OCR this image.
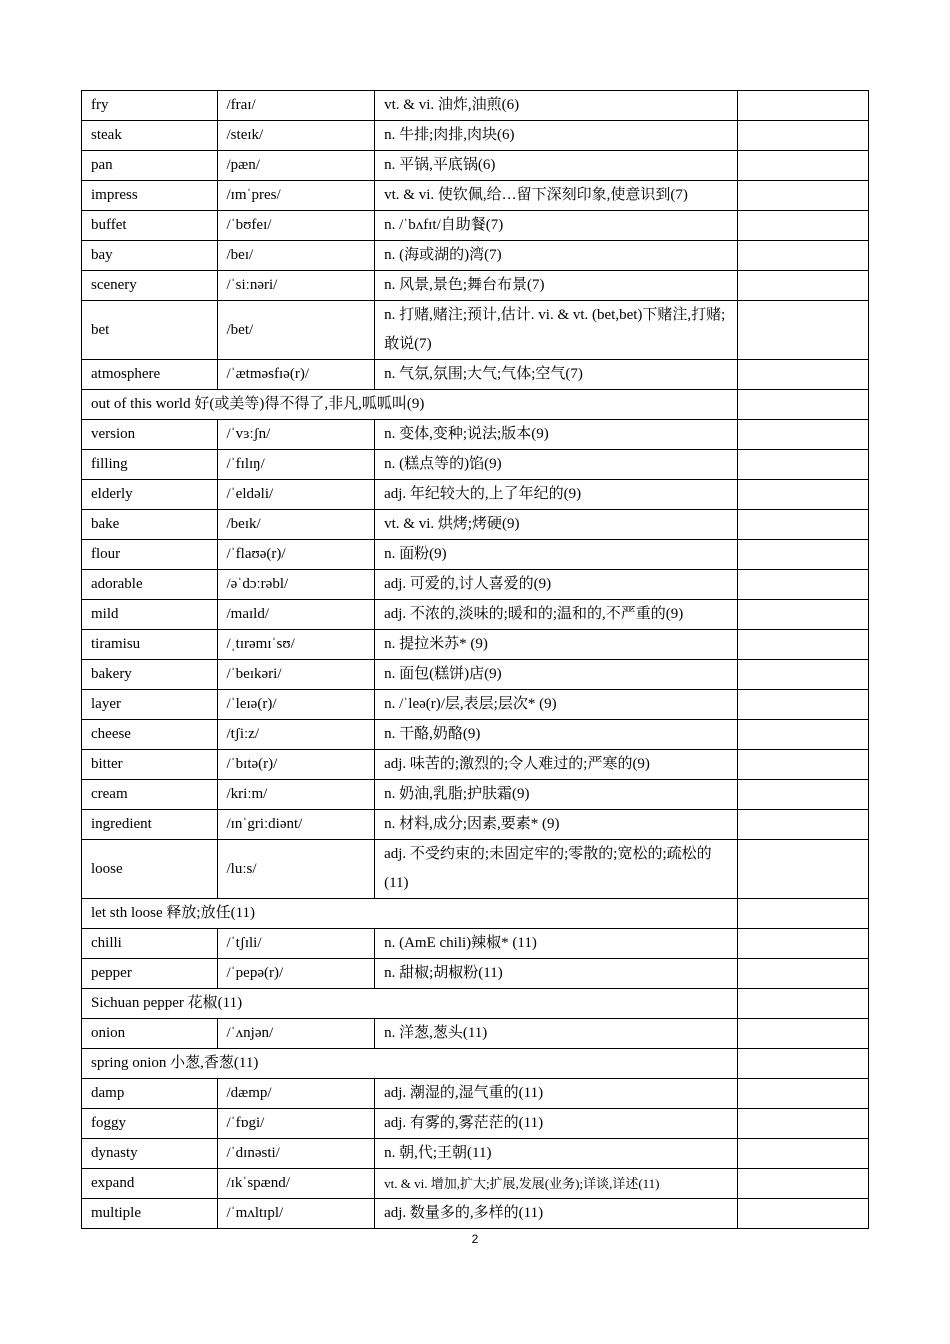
fry	/fraɪ/	vt. & vi. 油炸,油煎(6)	
steak	/steɪk/	n. 牛排;肉排,肉块(6)	
pan	/pæn/	n. 平锅,平底锅(6)	
impress	/ɪmˈpres/	vt. & vi. 使钦佩,给…留下深刻印象,使意识到(7)	
buffet	/ˈbʊfeɪ/	n. /ˈbʌfɪt/自助餐(7)	
bay	/beɪ/	n. (海或湖的)湾(7)	
scenery	/ˈsiːnəri/	n. 风景,景色;舞台布景(7)	
bet	/bet/	n. 打赌,赌注;预计,估计. vi. & vt. (bet,bet)下赌注,打赌;敢说(7)	
atmosphere	/ˈætməsfɪə(r)/	n. 气氛,氛围;大气;气体;空气(7)	
out of this world 好(或美等)得不得了,非凡,呱呱叫(9)			
version	/ˈvɜːʃn/	n. 变体,变种;说法;版本(9)	
filling	/ˈfɪlɪŋ/	n. (糕点等的)馅(9)	
elderly	/ˈeldəli/	adj. 年纪较大的,上了年纪的(9)	
bake	/beɪk/	vt. & vi. 烘烤;烤硬(9)	
flour	/ˈflaʊə(r)/	n. 面粉(9)	
adorable	/əˈdɔːrəbl/	adj. 可爱的,讨人喜爱的(9)	
mild	/maɪld/	adj. 不浓的,淡味的;暖和的;温和的,不严重的(9)	
tiramisu	/ˌtɪrəmɪˈsʊ/	n. 提拉米苏* (9)	
bakery	/ˈbeɪkəri/	n. 面包(糕饼)店(9)	
layer	/ˈleɪə(r)/	n. /ˈleə(r)/层,表层;层次* (9)	
cheese	/tʃiːz/	n. 干酪,奶酪(9)	
bitter	/ˈbɪtə(r)/	adj. 味苦的;激烈的;令人难过的;严寒的(9)	
cream	/kriːm/	n. 奶油,乳脂;护肤霜(9)	
ingredient	/ɪnˈgriːdiənt/	n. 材料,成分;因素,要素* (9)	
loose	/luːs/	adj. 不受约束的;未固定牢的;零散的;宽松的;疏松的(11)	
let sth loose 释放;放任(11)			
chilli	/ˈtʃɪli/	n. (AmE chili)辣椒* (11)	
pepper	/ˈpepə(r)/	n. 甜椒;胡椒粉(11)	
Sichuan pepper 花椒(11)			
onion	/ˈʌnjən/	n. 洋葱,葱头(11)	
spring onion 小葱,香葱(11)			
damp	/dæmp/	adj. 潮湿的,湿气重的(11)	
foggy	/ˈfɒgi/	adj. 有雾的,雾茫茫的(11)	
dynasty	/ˈdɪnəsti/	n. 朝,代;王朝(11)	
expand	/ɪkˈspænd/	vt. & vi. 增加,扩大;扩展,发展(业务);详谈,详述(11)	
multiple	/ˈmʌltɪpl/	adj. 数量多的,多样的(11)	
2
